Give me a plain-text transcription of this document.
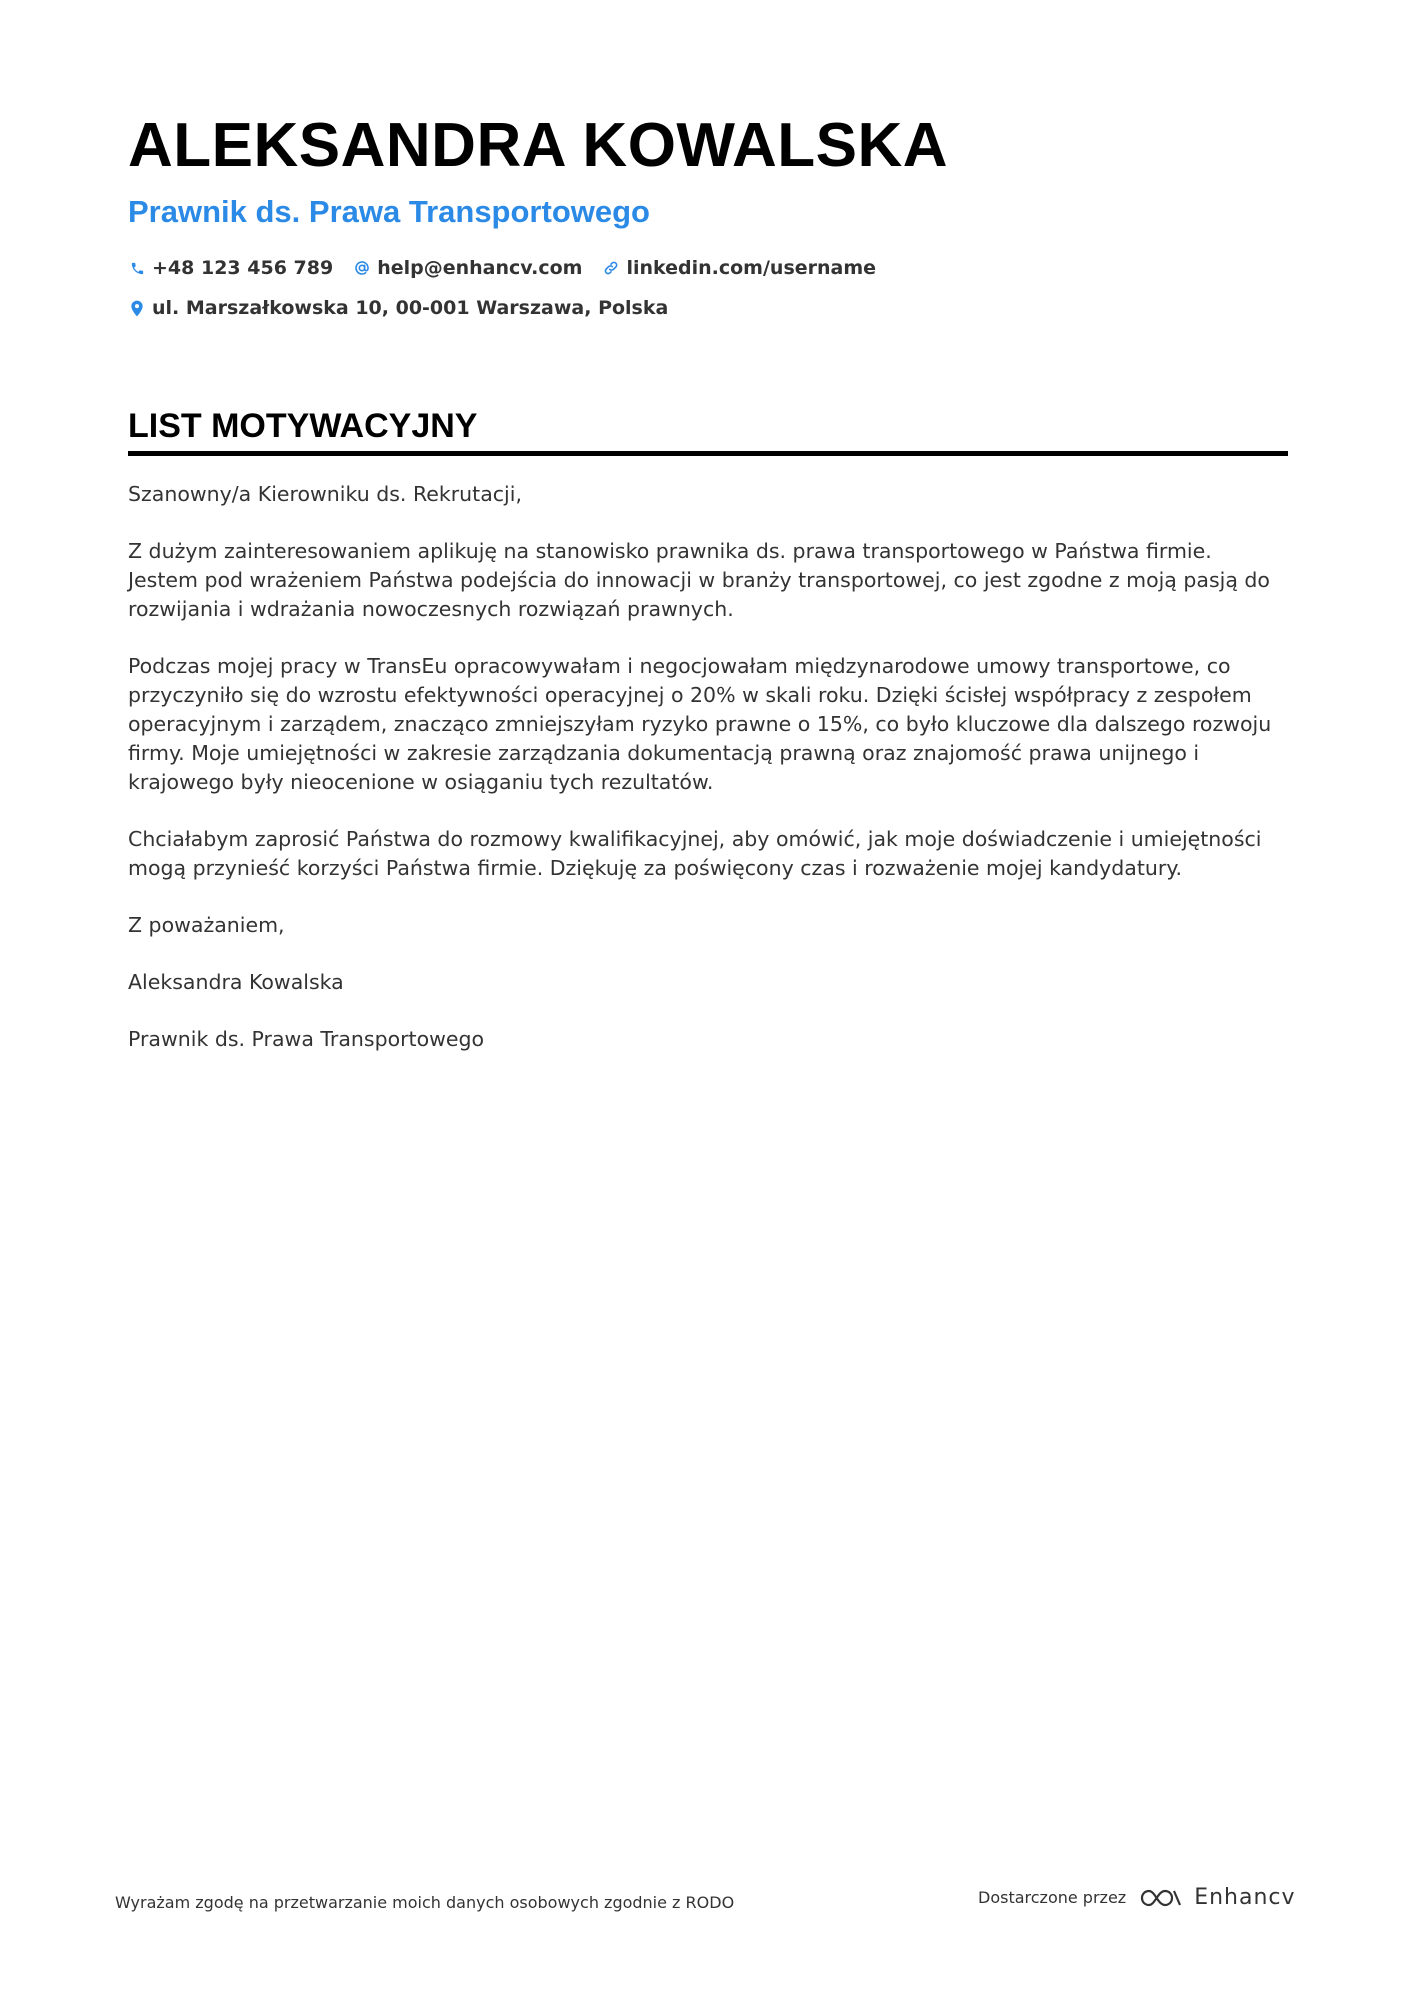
ALEKSANDRA KOWALSKA
Prawnik ds. Prawa Transportowego
+48 123 456 789 help@enhancv.com linkedin.com/username
ul. Marszałkowska 10, 00-001 Warszawa, Polska
LIST MOTYWACYJNY

Szanowny/a Kierowniku ds. Rekrutacji,

Z dużym zainteresowaniem aplikuję na stanowisko prawnika ds. prawa transportowego w Państwa firmie. Jestem pod wrażeniem Państwa podejścia do innowacji w branży transportowej, co jest zgodne z moją pasją do rozwijania i wdrażania nowoczesnych rozwiązań prawnych.

Podczas mojej pracy w TransEu opracowywałam i negocjowałam międzynarodowe umowy transportowe, co przyczyniło się do wzrostu efektywności operacyjnej o 20% w skali roku. Dzięki ścisłej współpracy z zespołem operacyjnym i zarządem, znacząco zmniejszyłam ryzyko prawne o 15%, co było kluczowe dla dalszego rozwoju firmy. Moje umiejętności w zakresie zarządzania dokumentacją prawną oraz znajomość prawa unijnego i krajowego były nieocenione w osiąganiu tych rezultatów.

Chciałabym zaprosić Państwa do rozmowy kwalifikacyjnej, aby omówić, jak moje doświadczenie i umiejętności mogą przynieść korzyści Państwa firmie. Dziękuję za poświęcony czas i rozważenie mojej kandydatury.

Z poważaniem,

Aleksandra Kowalska

Prawnik ds. Prawa Transportowego

Wyrażam zgodę na przetwarzanie moich danych osobowych zgodnie z RODO	Dostarczone przez	Enhancv
